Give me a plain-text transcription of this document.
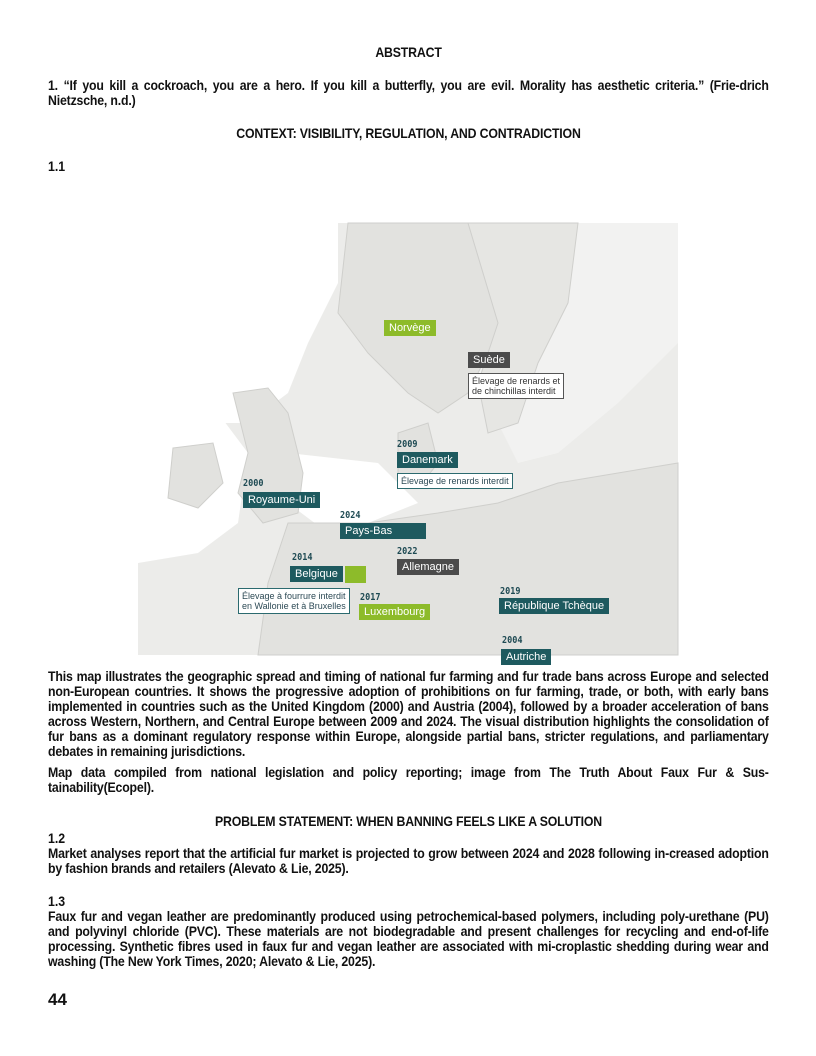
ABSTRACT
1. “If you kill a cockroach, you are a hero. If you kill a butterfly, you are evil. Morality has aesthetic criteria.” (Frie-drich Nietzsche, n.d.)
CONTEXT: VISIBILITY, REGULATION, AND CONTRADICTION
1.1
Norvège
Suède
Élevage de renards et
de chinchillas interdit
2009
Danemark
Élevage de renards interdit
2000
Royaume-Uni
2024
Pays-Bas
2022
Allemagne
2014
Belgique
Élevage à fourrure interdit
en Wallonie et à Bruxelles
2017
Luxembourg
2019
République Tchèque
2004
Autriche
This map illustrates the geographic spread and timing of national fur farming and fur trade bans across Europe and selected non-European countries. It shows the progressive adoption of prohibitions on fur farming, trade, or both, with early bans implemented in countries such as the United Kingdom (2000) and Austria (2004), followed by a broader acceleration of bans across Western, Northern, and Central Europe between 2009 and 2024. The visual distribution highlights the consolidation of fur bans as a dominant regulatory response within Europe, alongside partial bans, stricter regulations, and parliamentary debates in remaining jurisdictions.
Map data compiled from national legislation and policy reporting; image from The Truth About Faux Fur & Sus-tainability(Ecopel).
PROBLEM STATEMENT: WHEN BANNING FEELS LIKE A SOLUTION
1.2
Market analyses report that the artificial fur market is projected to grow between 2024 and 2028 following in-creased adoption by fashion brands and retailers (Alevato & Lie, 2025).
1.3
Faux fur and vegan leather are predominantly produced using petrochemical-based polymers, including poly-urethane (PU) and polyvinyl chloride (PVC). These materials are not biodegradable and present challenges for recycling and end-of-life processing. Synthetic fibres used in faux fur and vegan leather are associated with mi-croplastic shedding during wear and washing (The New York Times, 2020; Alevato & Lie, 2025).
44
